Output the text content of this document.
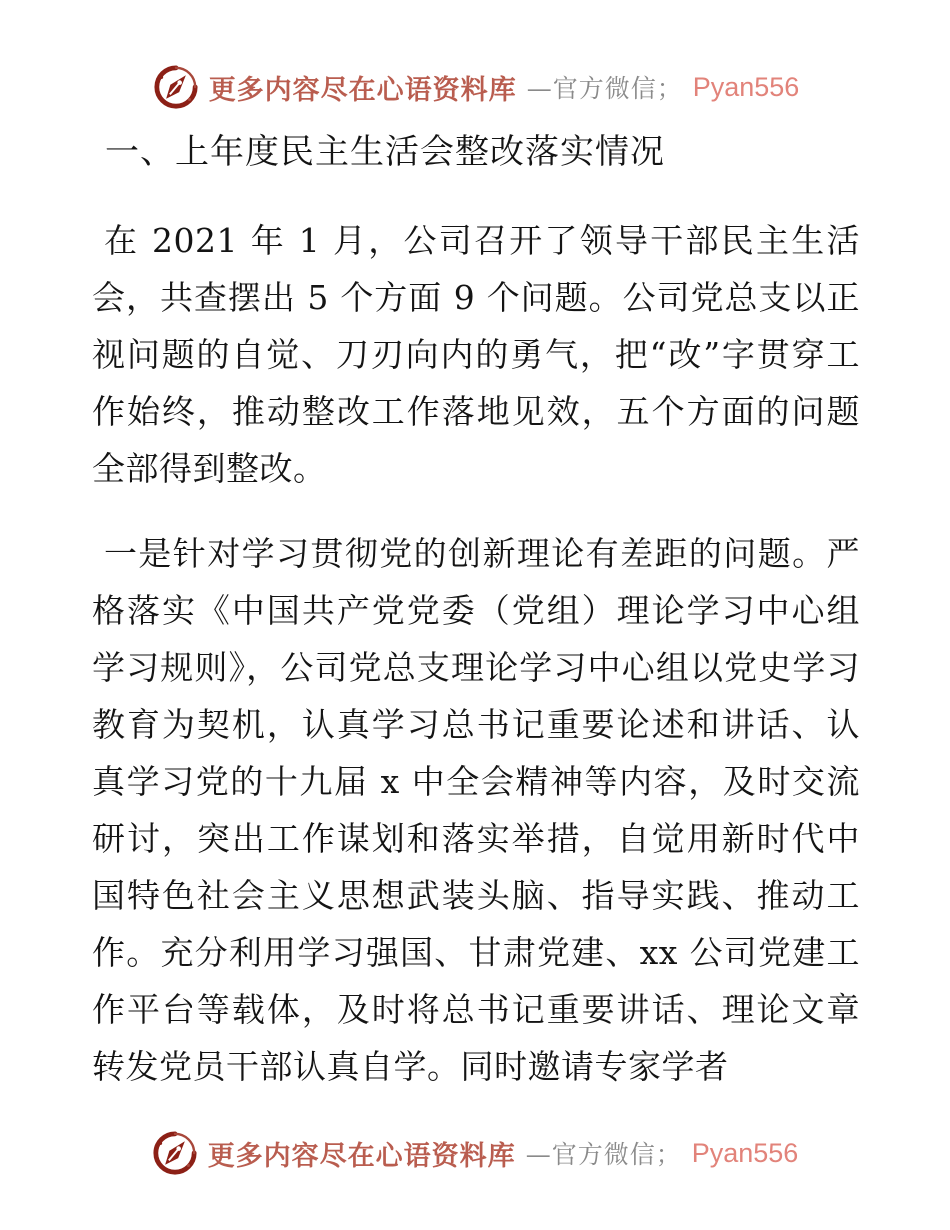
更多内容尽在心语资料库 —官方微信； Pyan556
一、上年度民主生活会整改落实情况

在 2021 年 1 月，公司召开了领导干部民主生活会，共查摆出 5 个方面 9 个问题。公司党总支以正视问题的自觉、刀刃向内的勇气，把“改”字贯穿工作始终，推动整改工作落地见效，五个方面的问题全部得到整改。

一是针对学习贯彻党的创新理论有差距的问题。严格落实《中国共产党党委（党组）理论学习中心组学习规则》，公司党总支理论学习中心组以党史学习教育为契机，认真学习总书记重要论述和讲话、认真学习党的十九届 x 中全会精神等内容，及时交流研讨，突出工作谋划和落实举措，自觉用新时代中国特色社会主义思想武装头脑、指导实践、推动工作。充分利用学习强国、甘肃党建、xx 公司党建工作平台等载体，及时将总书记重要讲话、理论文章转发党员干部认真自学。同时邀请专家学者

更多内容尽在心语资料库 —官方微信； Pyan556
